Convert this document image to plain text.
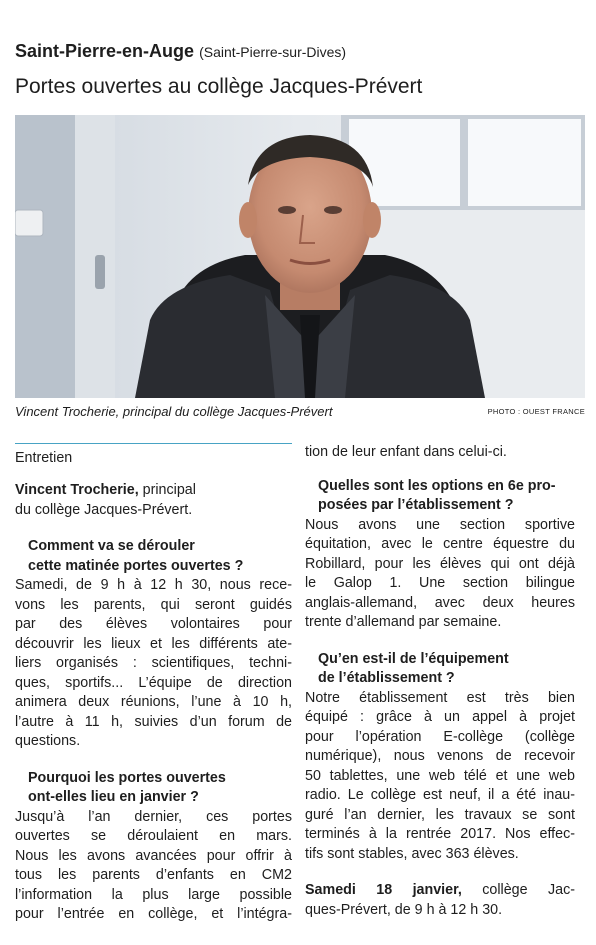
Saint-Pierre-en-Auge (Saint-Pierre-sur-Dives)
Portes ouvertes au collège Jacques-Prévert
Vincent Trocherie, principal du collège Jacques-Prévert	PHOTO : OUEST FRANCE
Entretien
Vincent Trocherie, principal
du collège Jacques-Prévert.

Comment va se dérouler

cette matinée portes ouvertes ?

Samedi, de 9 h à 12 h 30, nous rece-
vons les parents, qui seront guidés
par des élèves volontaires pour
découvrir les lieux et les différents ate-
liers organisés : scientifiques, techni-
ques, sportifs... L’équipe de direction
animera deux réunions, l’une à 10 h,
l’autre à 11 h, suivies d’un forum de
questions.

Pourquoi les portes ouvertes

ont-elles lieu en janvier ?

Jusqu’à l’an dernier, ces portes
ouvertes se déroulaient en mars.
Nous les avons avancées pour offrir à
tous les parents d’enfants en CM2
l’information la plus large possible
pour l’entrée en collège, et l’intégra-
tion de leur enfant dans celui-ci.

Quelles sont les options en 6e pro-

posées par l’établissement ?

Nous avons une section sportive
équitation, avec le centre équestre du
Robillard, pour les élèves qui ont déjà
le Galop 1. Une section bilingue
anglais-allemand, avec deux heures
trente d’allemand par semaine.

Qu’en est-il de l’équipement

de l’établissement ?

Notre établissement est très bien
équipé : grâce à un appel à projet
pour l’opération E-collège (collège
numérique), nous venons de recevoir
50 tablettes, une web télé et une web
radio. Le collège est neuf, il a été inau-
guré l’an dernier, les travaux se sont
terminés à la rentrée 2017. Nos effec-
tifs sont stables, avec 363 élèves.
Samedi 18 janvier, collège Jac-
ques-Prévert, de 9 h à 12 h 30.
